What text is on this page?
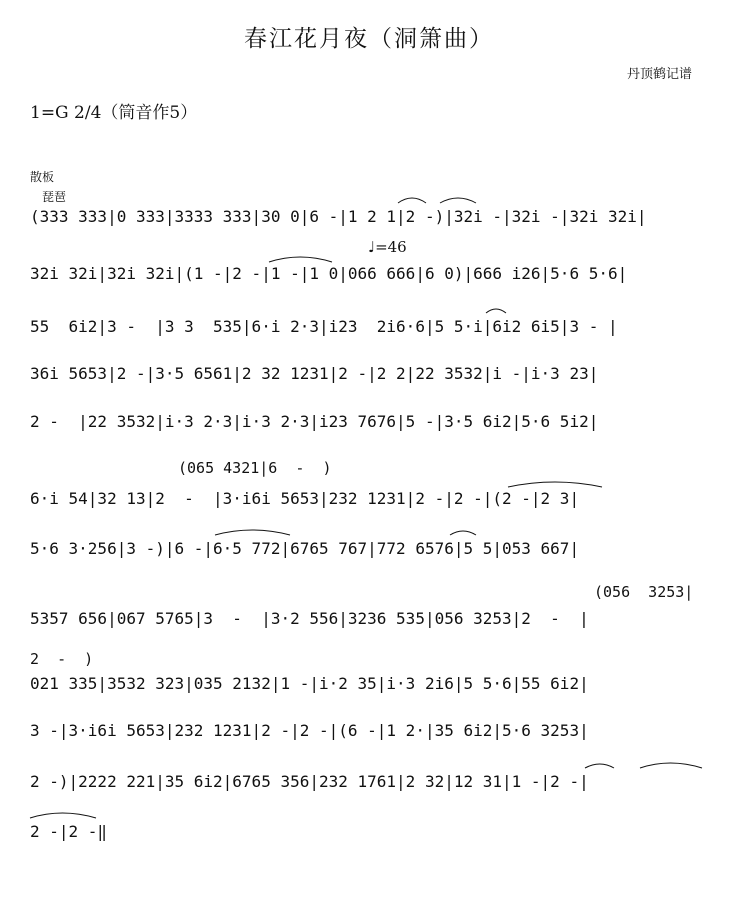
春江花月夜（洞箫曲）
丹顶鹤记谱
1=G 2/4（筒音作5）
散板
琵琶
(333 333|0 333|3333 333|30 0|6 -|1 2 1|2 -)|32i -|32i -|32i 32i|
♩=46
32i 32i|32i 32i|(1 -|2 -|1 -|1 0|066 666|6 0)|666 i26|5·6 5·6|
55  6i2|3 -  |3 3  535|6·i 2·3|i23  2i6·6|5 5·i|6i2 6i5|3 - |
36i 5653|2 -|3·5 6561|2 32 1231|2 -|2 2|22 3532|i -|i·3 23|
2 -  |22 3532|i·3 2·3|i·3 2·3|i23 7676|5 -|3·5 6i2|5·6 5i2|
(065 4321|6  -  )
6·i 54|32 13|2  -  |3·i6i 5653|232 1231|2 -|2 -|(2 -|2 3|
5·6 3·256|3 -)|6 -|6·5 772|6765 767|772 6576|5 5|053 667|
(056  3253|
5357 656|067 5765|3  -  |3·2 556|3236 535|056 3253|2  -  |
2  -  )
021 335|3532 323|035 2132|1 -|i·2 35|i·3 2i6|5 5·6|55 6i2|
3 -|3·i6i 5653|232 1231|2 -|2 -|(6 -|1 2·|35 6i2|5·6 3253|
2 -)|2222 221|35 6i2|6765 356|232 1761|2 32|12 31|1 -|2 -|
2 -|2 -‖
